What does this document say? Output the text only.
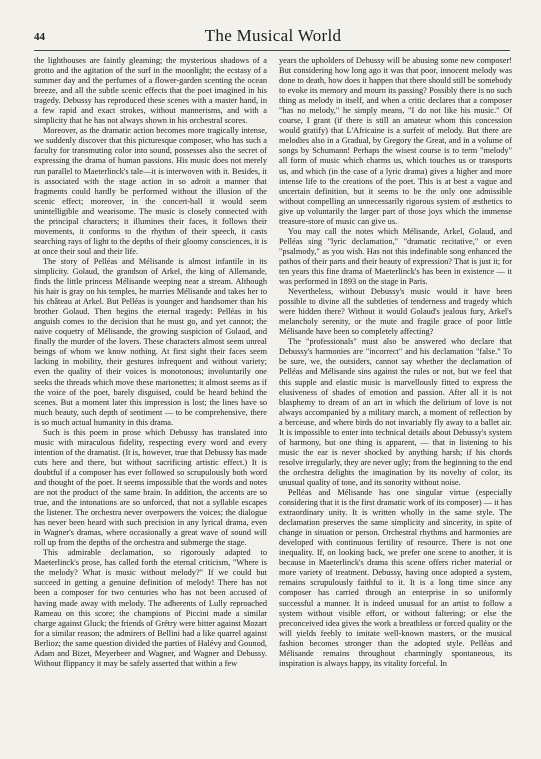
44	The Musical World

the lighthouses are faintly gleaming; the mysterious shadows of a grotto and the agitation of the surf in the moonlight; the ecstasy of a summer day and the perfumes of a flower-garden scenting the ocean breeze, and all the subtle scenic effects that the poet imagined in his tragedy. Debussy has reproduced these scenes with a master hand, in a few rapid and exact strokes, without mannerisms, and with a simplicity that he has not always shown in his orchestral scores.

Moreover, as the dramatic action becomes more tragically intense, we suddenly discover that this picturesque composer, who has such a faculty for transmuting color into sound, possesses also the secret of expressing the drama of human passions. His music does not merely run parallel to Maeterlinck's tale—it is interwoven with it. Besides, it is associated with the stage action in so adroit a manner that fragments could hardly be performed without the illusion of the scenic effect; moreover, in the concert-hall it would seem unintelligible and wearisome. The music is closely connected with the principal characters; it illumines their faces, it follows their movements, it conforms to the rhythm of their speech, it casts searching rays of light to the depths of their gloomy consciences, it is at once their soul and their life.

The story of Pelléas and Mélisande is almost infantile in its simplicity. Golaud, the grandson of Arkel, the king of Allemande, finds the little princess Mélisande weeping near a stream. Although his hair is gray on his temples, he marries Mélisande and takes her to his château at Arkel. But Pelléas is younger and handsomer than his brother Golaud. Then begins the eternal tragedy: Pelléas in his anguish comes to the decision that he must go, and yet cannot; the naive coquetry of Mélisande, the growing suspicion of Golaud, and finally the murder of the lovers. These characters almost seem unreal beings of whom we know nothing. At first sight their faces seem lacking in mobility, their gestures infrequent and without variety; even the quality of their voices is monotonous; involuntarily one seeks the threads which move these marionettes; it almost seems as if the voice of the poet, barely disguised, could be heard behind the scenes. But a moment later this impression is lost; the lines have so much beauty, such depth of sentiment — to be comprehensive, there is so much actual humanity in this drama.

Such is this poem in prose which Debussy has translated into music with miraculous fidelity, respecting every word and every intention of the dramatist. (It is, however, true that Debussy has made cuts here and there, but without sacrificing artistic effect.) It is doubtful if a composer has ever followed so scrupulously both word and thought of the poet. It seems impossible that the words and notes are not the product of the same brain. In addition, the accents are so true, and the intonations are so unforced, that not a syllable escapes the listener. The orchestra never overpowers the voices; the dialogue has never been heard with such precision in any lyrical drama, even in Wagner's dramas, where occasionally a great wave of sound will roll up from the depths of the orchestra and submerge the stage.

This admirable declamation, so rigorously adapted to Maeterlinck's prose, has called forth the eternal criticism, "Where is the melody? What is music without melody?" If we could but succeed in getting a genuine definition of melody! There has not been a composer for two centuries who has not been accused of having made away with melody. The adherents of Lully reproached Rameau on this score; the champions of Piccini made a similar charge against Gluck; the friends of Grétry were bitter against Mozart for a similar reason; the admirers of Bellini had a like quarrel against Berlioz; the same question divided the parties of Halévy and Gounod, Adam and Bizet, Meyerbeer and Wagner, and Wagner and Debussy. Without flippancy it may be safely asserted that within a few

years the upholders of Debussy will be abusing some new composer! But considering how long ago it was that poor, innocent melody was done to death, how does it happen that there should still be somebody to evoke its memory and mourn its passing? Possibly there is no such thing as melody in itself, and when a critic declares that a composer "has no melody," he simply means, "I do not like his music." Of course, I grant (if there is still an amateur whom this concession would gratify) that L'Africaine is a surfeit of melody. But there are melodies also in a Gradual, by Gregory the Great, and in a volume of songs by Schumann! Perhaps the wisest course is to term "melody" all form of music which charms us, which touches us or transports us, and which (in the case of a lyric drama) gives a higher and more intense life to the creations of the poet. This is at best a vague and uncertain definition, but it seems to be the only one admissible without compelling an unnecessarily rigorous system of æsthetics to give up voluntarily the larger part of those joys which the immense treasure-store of music can give us.

You may call the notes which Mélisande, Arkel, Golaud, and Pelléas sing "lyric declamation," "dramatic recitative," or even "psalmody," as you wish. Has not this indefinable song enhanced the pathos of their parts and their beauty of expression? That is just it; for ten years this fine drama of Maeterlinck's has been in existence — it was performed in 1893 on the stage in Paris.

Nevertheless, without Debussy's music would it have been possible to divine all the subtleties of tenderness and tragedy which were hidden there? Without it would Golaud's jealous fury, Arkel's melancholy serenity, or the mute and fragile grace of poor little Mélisande have been so completely affecting?

The "professionals" must also be answered who declare that Debussy's harmonies are "incorrect" and his declamation "false." To be sure, we, the outsiders, cannot say whether the declamation of Pelléas and Mélisande sins against the rules or not, but we feel that this supple and elastic music is marvellously fitted to express the elusiveness of shades of emotion and passion. After all it is not blasphemy to dream of an art in which the delirium of love is not always accompanied by a military march, a moment of reflection by a berceuse, and where birds do not invariably fly away to a ballet air. It is impossible to enter into technical details about Debussy's system of harmony, but one thing is apparent, — that in listening to his music the ear is never shocked by anything harsh; if his chords resolve irregularly, they are never ugly; from the beginning to the end the orchestra delights the imagination by its novelty of color, its unusual quality of tone, and its sonority without noise.

Pelléas and Mélisande has one singular virtue (especially considering that it is the first dramatic work of its composer) — it has extraordinary unity. It is written wholly in the same style. The declamation preserves the same simplicity and sincerity, in spite of change in situation or person. Orchestral rhythms and harmonies are developed with continuous fertility of resource. There is not one inequality. If, on looking back, we prefer one scene to another, it is because in Maeterlinck's drama this scene offers richer material or more variety of treatment. Debussy, having once adopted a system, remains scrupulously faithful to it. It is a long time since any composer has carried through an enterprise in so uniformly successful a manner. It is indeed unusual for an artist to follow a system without visible effort, or without faltering; or else the preconceived idea gives the work a breathless or forced quality or the will yields feebly to imitate well-known masters, or the musical fashion becomes stronger than the adopted style. Pelléas and Mélisande remains throughout charmingly spontaneous, its inspiration is always happy, its vitality forceful. In
